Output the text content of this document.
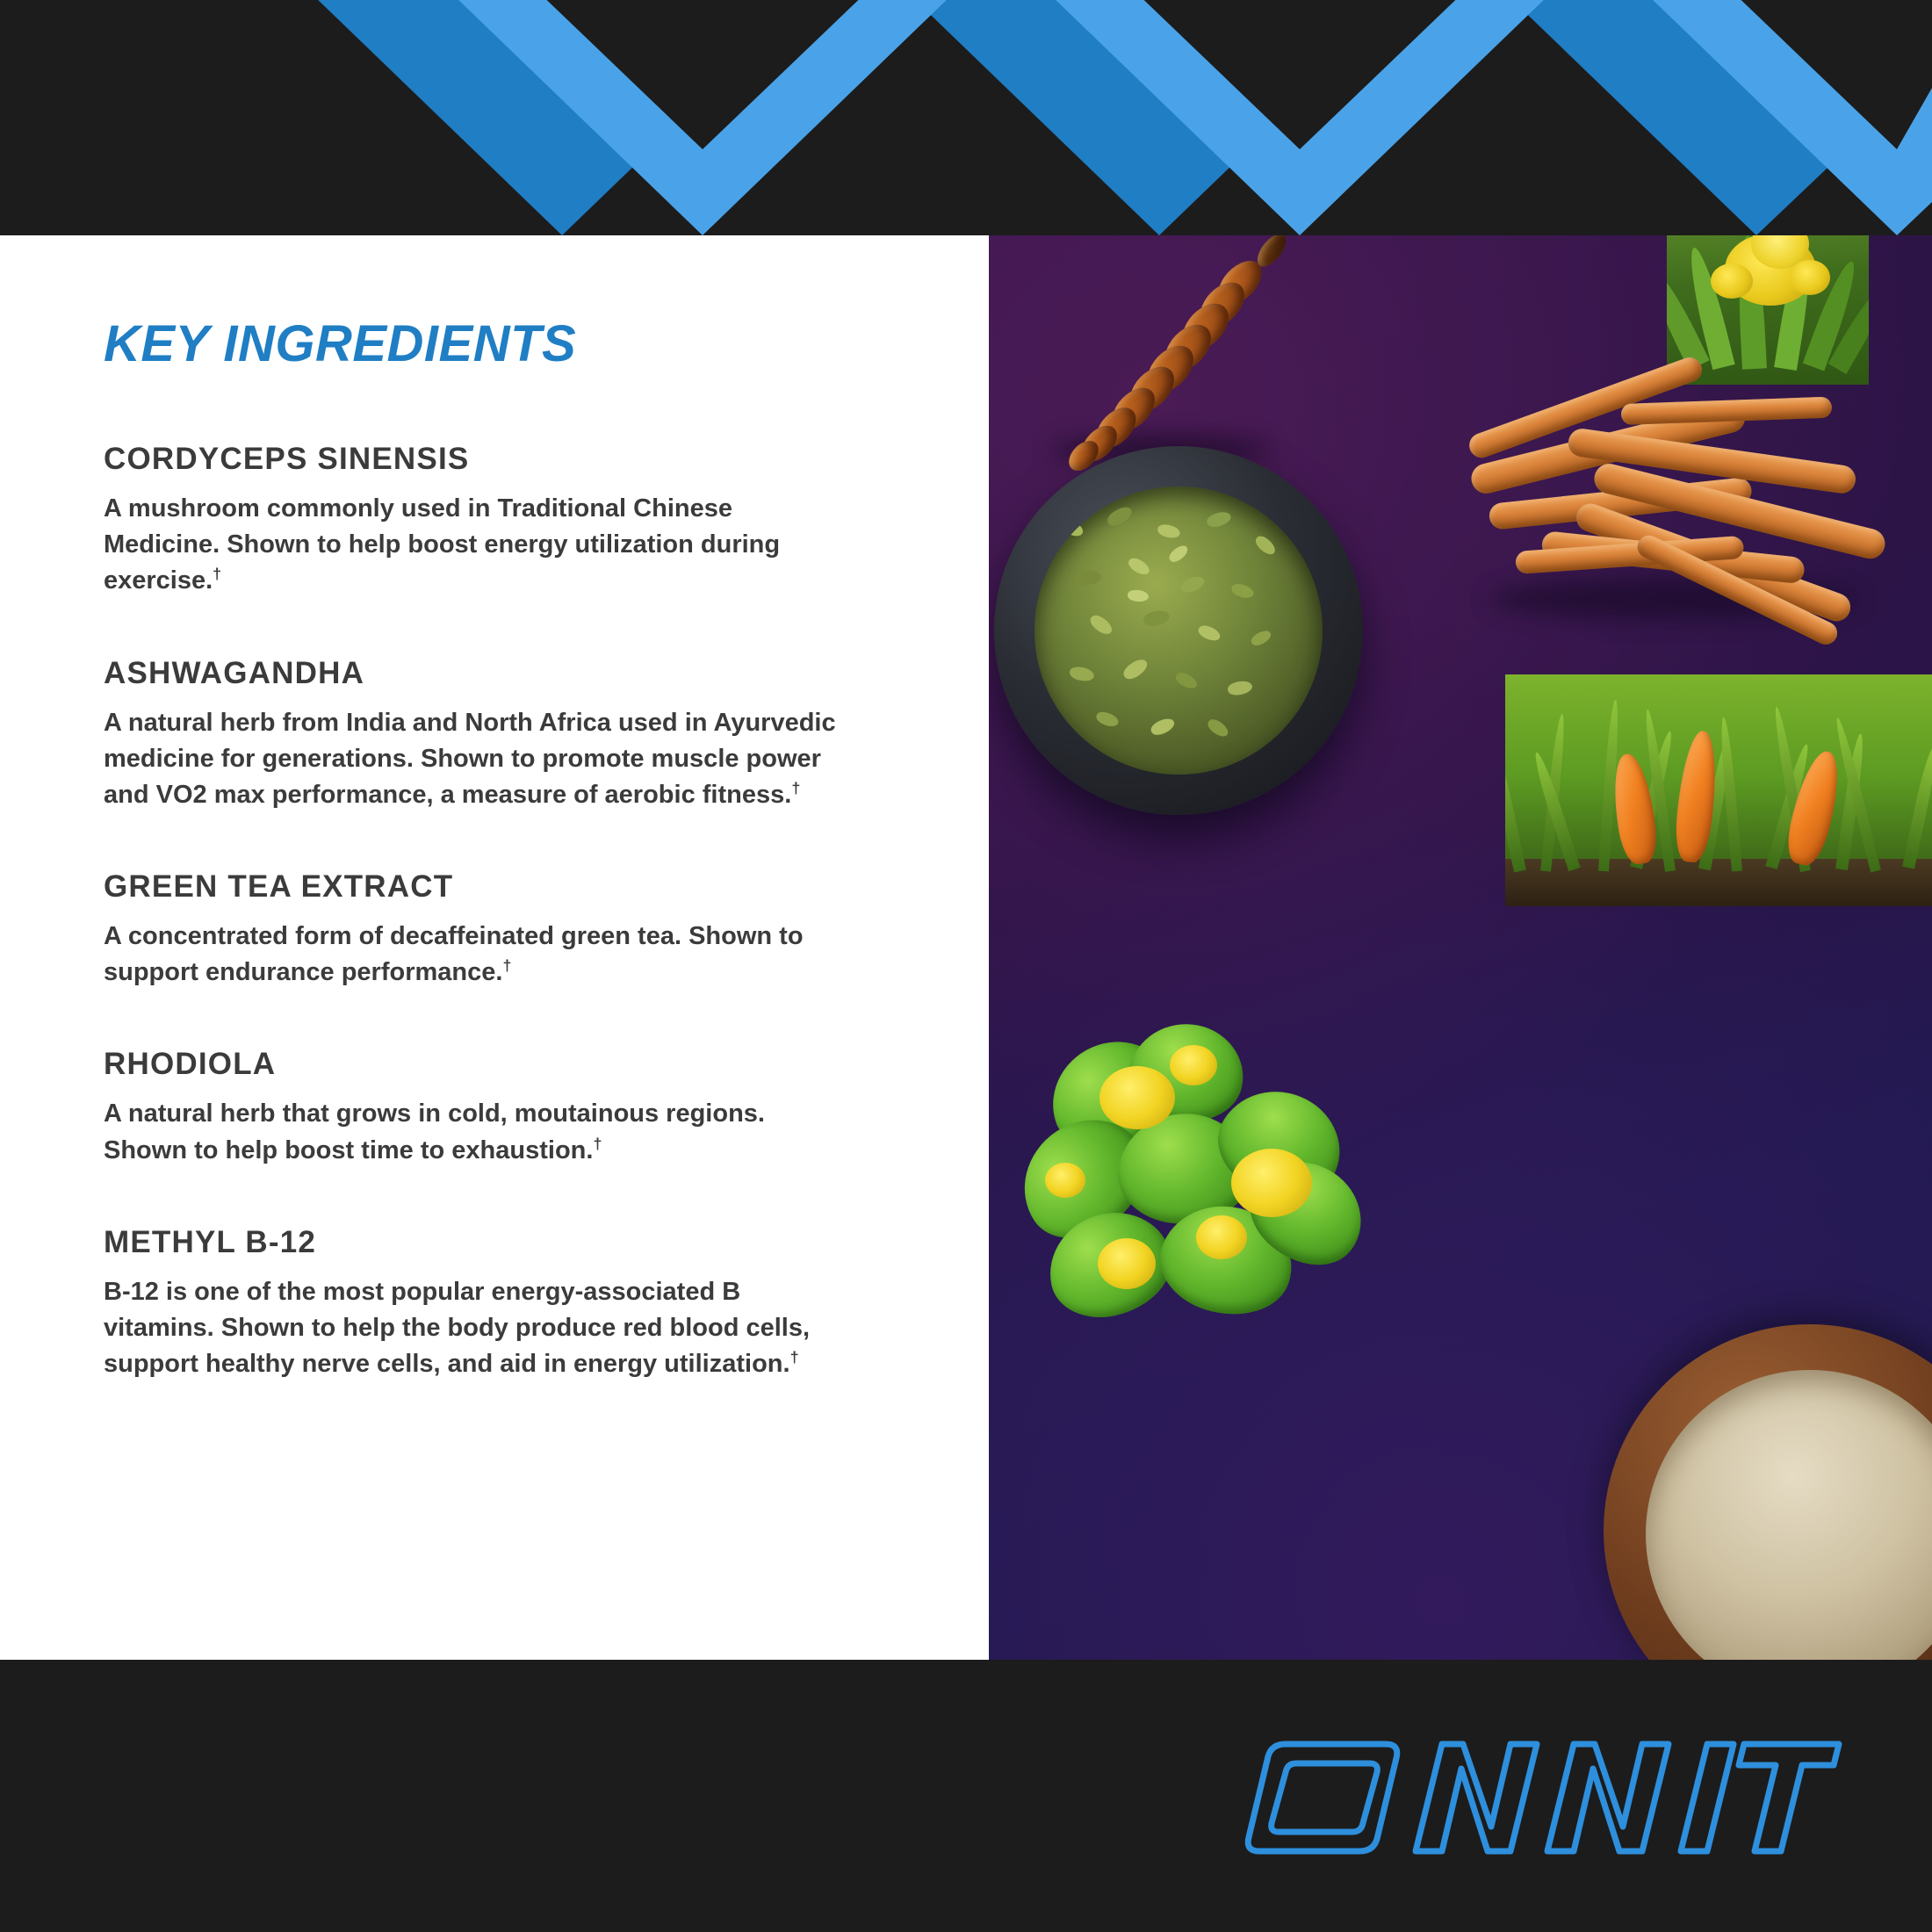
KEY INGREDIENTS
CORDYCEPS SINENSIS
A mushroom commonly used in Traditional Chinese Medicine. Shown to help boost energy utilization during exercise.†
ASHWAGANDHA
A natural herb from India and North Africa used in Ayurvedic medicine for generations. Shown to promote muscle power and VO2 max performance, a measure of aerobic fitness.†
GREEN TEA EXTRACT
A concentrated form of decaffeinated green tea. Shown to support endurance performance.†
RHODIOLA
A natural herb that grows in cold, moutainous regions. Shown to help boost time to exhaustion.†
METHYL B-12
B-12 is one of the most popular energy-associated B vitamins. Shown to help the body produce red blood cells, support healthy nerve cells, and aid in energy utilization.†
